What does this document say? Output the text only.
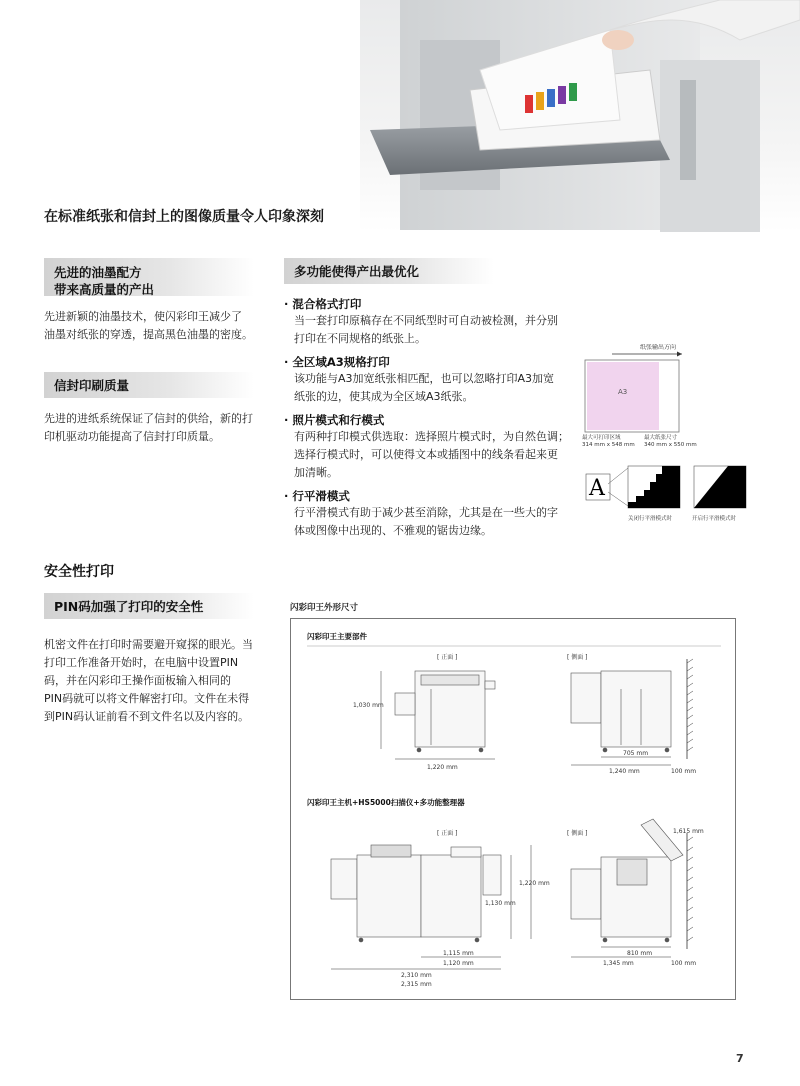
在标准纸张和信封上的图像质量令人印象深刻
先进的油墨配方
带来高质量的产出
先进新颖的油墨技术，使闪彩印王减少了
油墨对纸张的穿透，提高黑色油墨的密度。
信封印刷质量
先进的进纸系统保证了信封的供给，新的打
印机驱动功能提高了信封打印质量。
多功能使得产出最优化
· 混合格式打印
当一套打印原稿存在不同纸型时可自动被检测，并分别
打印在不同规格的纸张上。
· 全区域A3规格打印
该功能与A3加宽纸张相匹配，也可以忽略打印A3加宽
纸张的边，使其成为全区域A3纸张。
· 照片模式和行模式
有两种打印模式供选取：选择照片模式时，为自然色调；
选择行模式时，可以使得文本或插图中的线条看起来更
加清晰。
· 行平滑模式
行平滑模式有助于减少甚至消除，尤其是在一些大的字
体或图像中出现的、不雅观的锯齿边缘。
纸张输出方向
A3
最大可打印区域
314 mm x 548 mm
最大纸张尺寸
340 mm x 550 mm
A
关闭行平滑模式时	开启行平滑模式时
安全性打印
PIN码加强了打印的安全性
机密文件在打印时需要避开窥探的眼光。当
打印工作准备开始时，在电脑中设置PIN
码，并在闪彩印王操作面板输入相同的
PIN码就可以将文件解密打印。文件在未得
到PIN码认证前看不到文件名以及内容的。
闪彩印王外形尺寸
闪彩印王主要部件
[ 正面 ]	[ 侧面 ]
1,030 mm
1,220 mm
705 mm
1,240 mm	100 mm
闪彩印王主机+HS5000扫描仪+多功能整理器
[ 正面 ]	[ 侧面 ]
1,220 mm
1,130 mm
1,115 mm
1,120 mm
2,310 mm
2,315 mm
1,615 mm
810 mm
1,345 mm	100 mm
7
